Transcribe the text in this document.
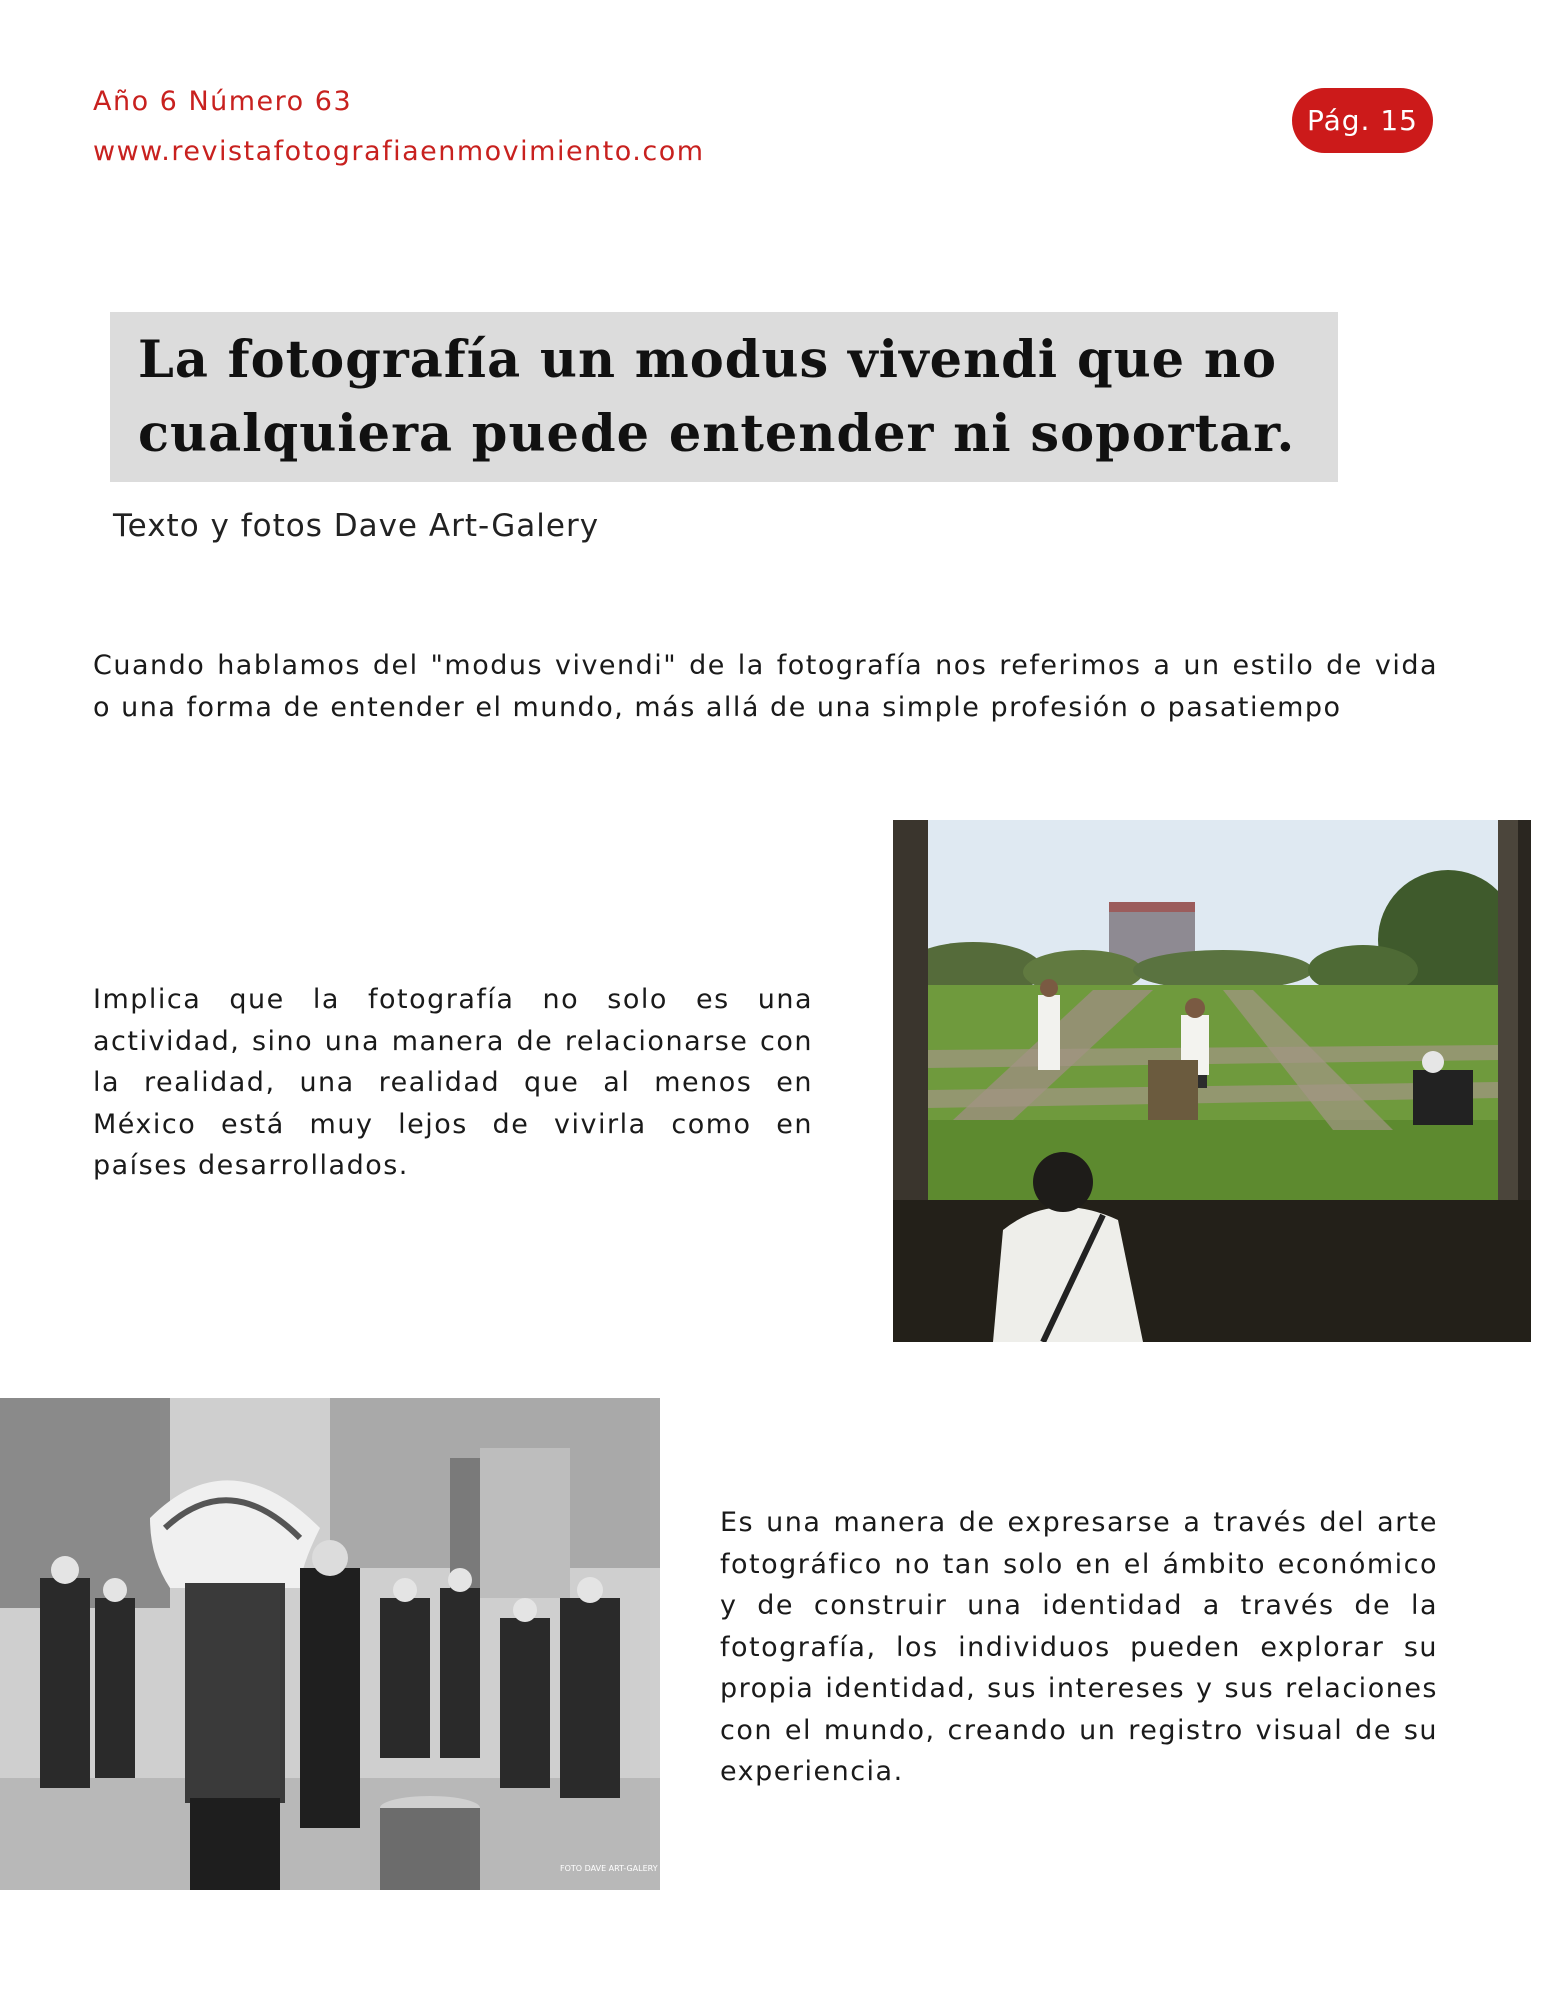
Año 6 Número 63
www.revistafotografiaenmovimiento.com
Pág. 15
La fotografía un modus vivendi que no cualquiera puede entender ni soportar.
Texto y fotos Dave Art-Galery

Cuando hablamos del "modus vivendi" de la fotografía nos referimos a un estilo de vida o una forma de entender el mundo, más allá de una simple profesión o pasatiempo

Implica que la fotografía no solo es una actividad, sino una manera de relacionarse con la realidad, una realidad que al menos en México está muy lejos de vivirla como en países desarrollados.

Es una manera de expresarse a través del arte fotográfico no tan solo en el ámbito económico y de construir una identidad a través de la fotografía, los individuos pueden explorar su propia identidad, sus intereses y sus relaciones con el mundo, creando un registro visual de su experiencia.

FOTO DAVE ART-GALERY
